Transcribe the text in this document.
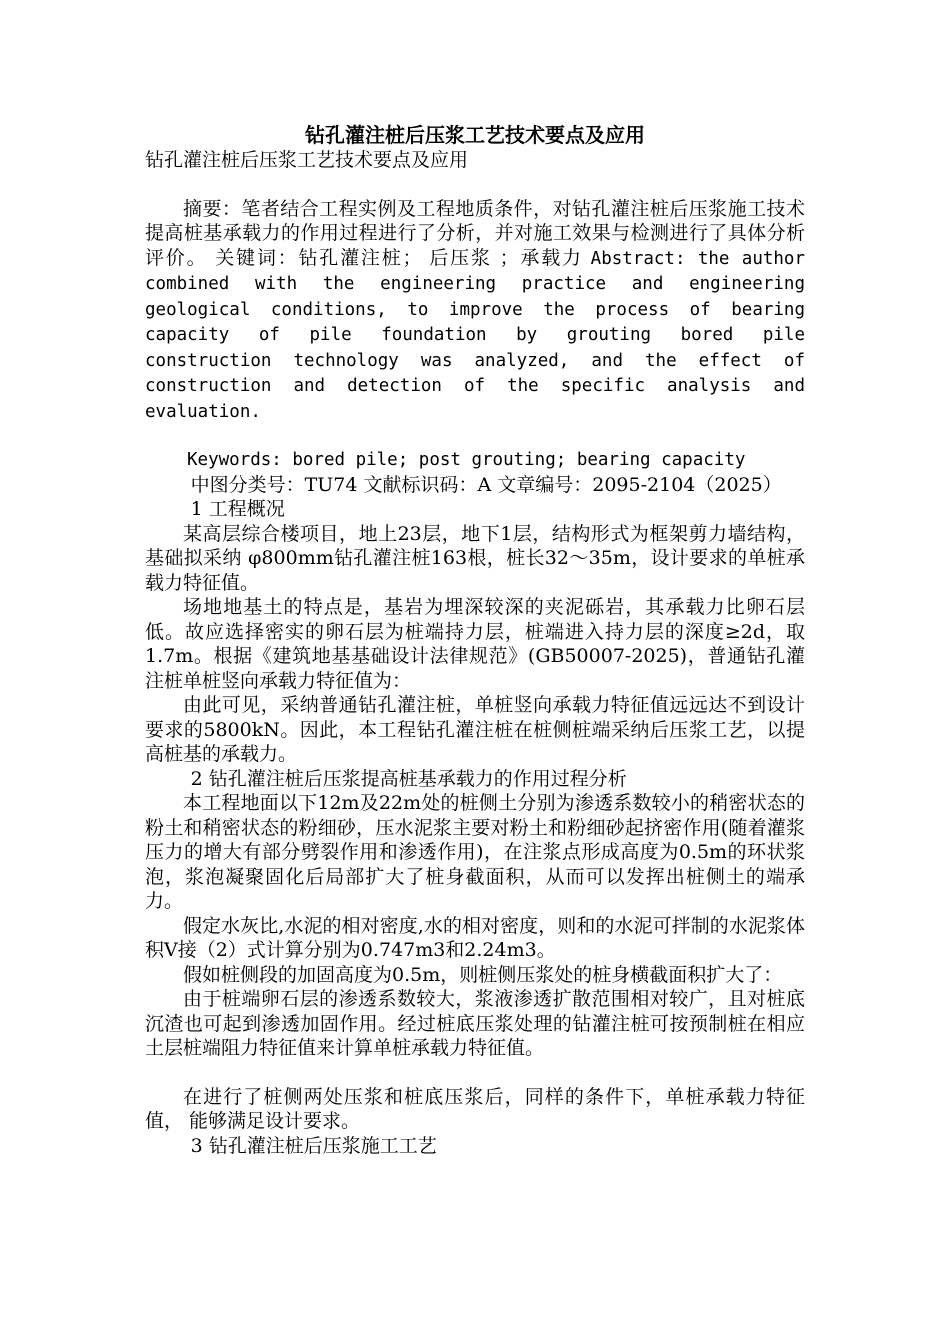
钻孔灌注桩后压浆工艺技术要点及应用

钻孔灌注桩后压浆工艺技术要点及应用

摘要：笔者结合工程实例及工程地质条件，对钻孔灌注桩后压浆施工技术提高桩基承载力的作用过程进行了分析，并对施工效果与检测进行了具体分析评价。 关键词：钻孔灌注桩； 后压浆 ；承载力 Abstract: the author combined with the engineering practice and engineering geological conditions, to improve the process of bearing capacity of pile foundation by grouting bored pile construction technology was analyzed, and the effect of construction and detection of the specific analysis and evaluation.

Keywords: bored pile; post grouting; bearing capacity

中图分类号：TU74 文献标识码：A 文章编号：2095-2104（2025）

1 工程概况

某高层综合楼项目，地上23层，地下1层，结构形式为框架剪力墙结构，基础拟采纳 φ800mm钻孔灌注桩163根，桩长32～35m，设计要求的单桩承载力特征值。

场地地基土的特点是，基岩为埋深较深的夹泥砾岩，其承载力比卵石层低。故应选择密实的卵石层为桩端持力层，桩端进入持力层的深度≥2d，取1.7m。根据《建筑地基基础设计法律规范》(GB50007-2025)，普通钻孔灌注桩单桩竖向承载力特征值为：

由此可见，采纳普通钻孔灌注桩，单桩竖向承载力特征值远远达不到设计要求的5800kN。因此，本工程钻孔灌注桩在桩侧桩端采纳后压浆工艺，以提高桩基的承载力。

2 钻孔灌注桩后压浆提高桩基承载力的作用过程分析

本工程地面以下12m及22m处的桩侧土分别为渗透系数较小的稍密状态的粉土和稍密状态的粉细砂，压水泥浆主要对粉土和粉细砂起挤密作用(随着灌浆压力的增大有部分劈裂作用和渗透作用)，在注浆点形成高度为0.5m的环状浆泡，浆泡凝聚固化后局部扩大了桩身截面积，从而可以发挥出桩侧土的端承力。

假定水灰比,水泥的相对密度,水的相对密度，则和的水泥可拌制的水泥浆体积V接（2）式计算分别为0.747m3和2.24m3。

假如桩侧段的加固高度为0.5m，则桩侧压浆处的桩身横截面积扩大了：

由于桩端卵石层的渗透系数较大，浆液渗透扩散范围相对较广，且对桩底沉渣也可起到渗透加固作用。经过桩底压浆处理的钻灌注桩可按预制桩在相应土层桩端阻力特征值来计算单桩承载力特征值。

在进行了桩侧两处压浆和桩底压浆后，同样的条件下，单桩承载力特征值， 能够满足设计要求。

3 钻孔灌注桩后压浆施工工艺
